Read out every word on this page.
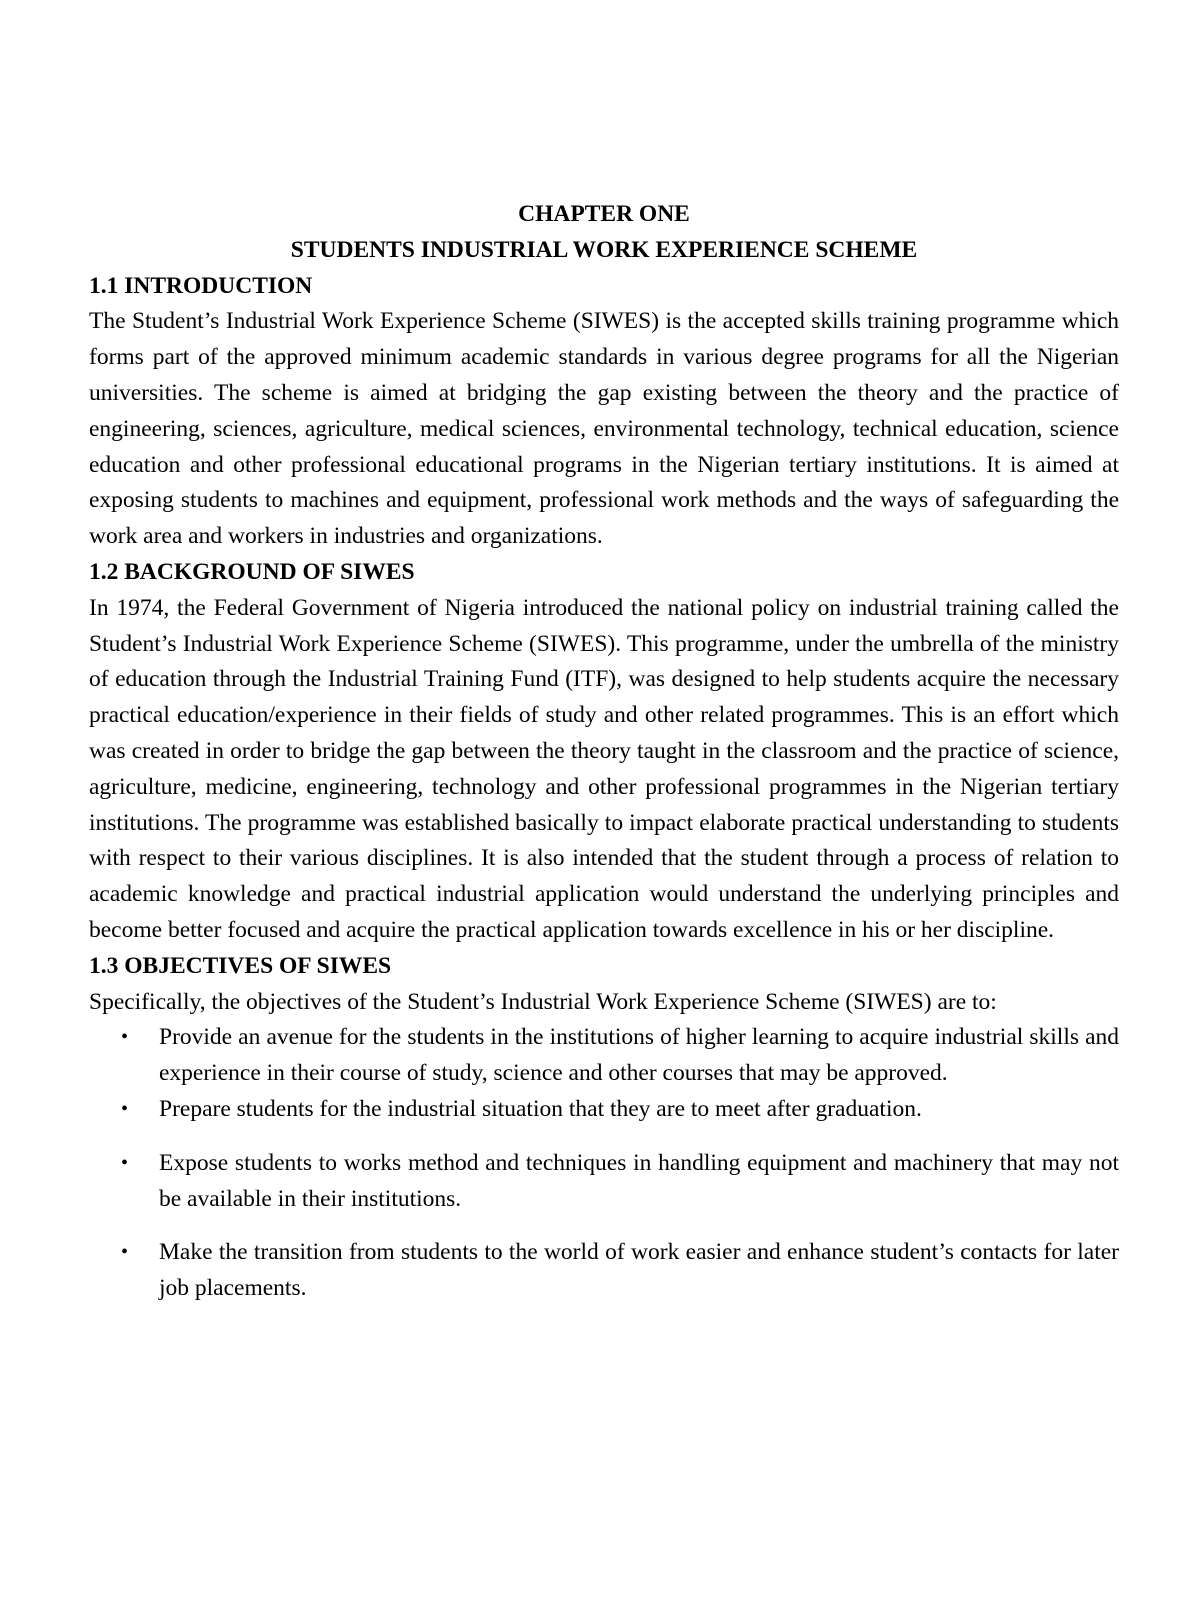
CHAPTER ONE

STUDENTS INDUSTRIAL WORK EXPERIENCE SCHEME

1.1 INTRODUCTION

The Student’s Industrial Work Experience Scheme (SIWES) is the accepted skills training programme which forms part of the approved minimum academic standards in various degree programs for all the Nigerian universities. The scheme is aimed at bridging the gap existing between the theory and the practice of engineering, sciences, agriculture, medical sciences, environmental technology, technical education, science education and other professional educational programs in the Nigerian tertiary institutions. It is aimed at exposing students to machines and equipment, professional work methods and the ways of safeguarding the work area and workers in industries and organizations.

1.2 BACKGROUND OF SIWES

In 1974, the Federal Government of Nigeria introduced the national policy on industrial training called the Student’s Industrial Work Experience Scheme (SIWES). This programme, under the umbrella of the ministry of education through the Industrial Training Fund (ITF), was designed to help students acquire the necessary practical education/experience in their fields of study and other related programmes. This is an effort which was created in order to bridge the gap between the theory taught in the classroom and the practice of science, agriculture, medicine, engineering, technology and other professional programmes in the Nigerian tertiary institutions. The programme was established basically to impact elaborate practical understanding to students with respect to their various disciplines. It is also intended that the student through a process of relation to academic knowledge and practical industrial application would understand the underlying principles and become better focused and acquire the practical application towards excellence in his or her discipline.

1.3 OBJECTIVES OF SIWES

Specifically, the objectives of the Student’s Industrial Work Experience Scheme (SIWES) are to:

• Provide an avenue for the students in the institutions of higher learning to acquire industrial skills and experience in their course of study, science and other courses that may be approved.
• Prepare students for the industrial situation that they are to meet after graduation.
• Expose students to works method and techniques in handling equipment and machinery that may not be available in their institutions.
• Make the transition from students to the world of work easier and enhance student’s contacts for later job placements.
